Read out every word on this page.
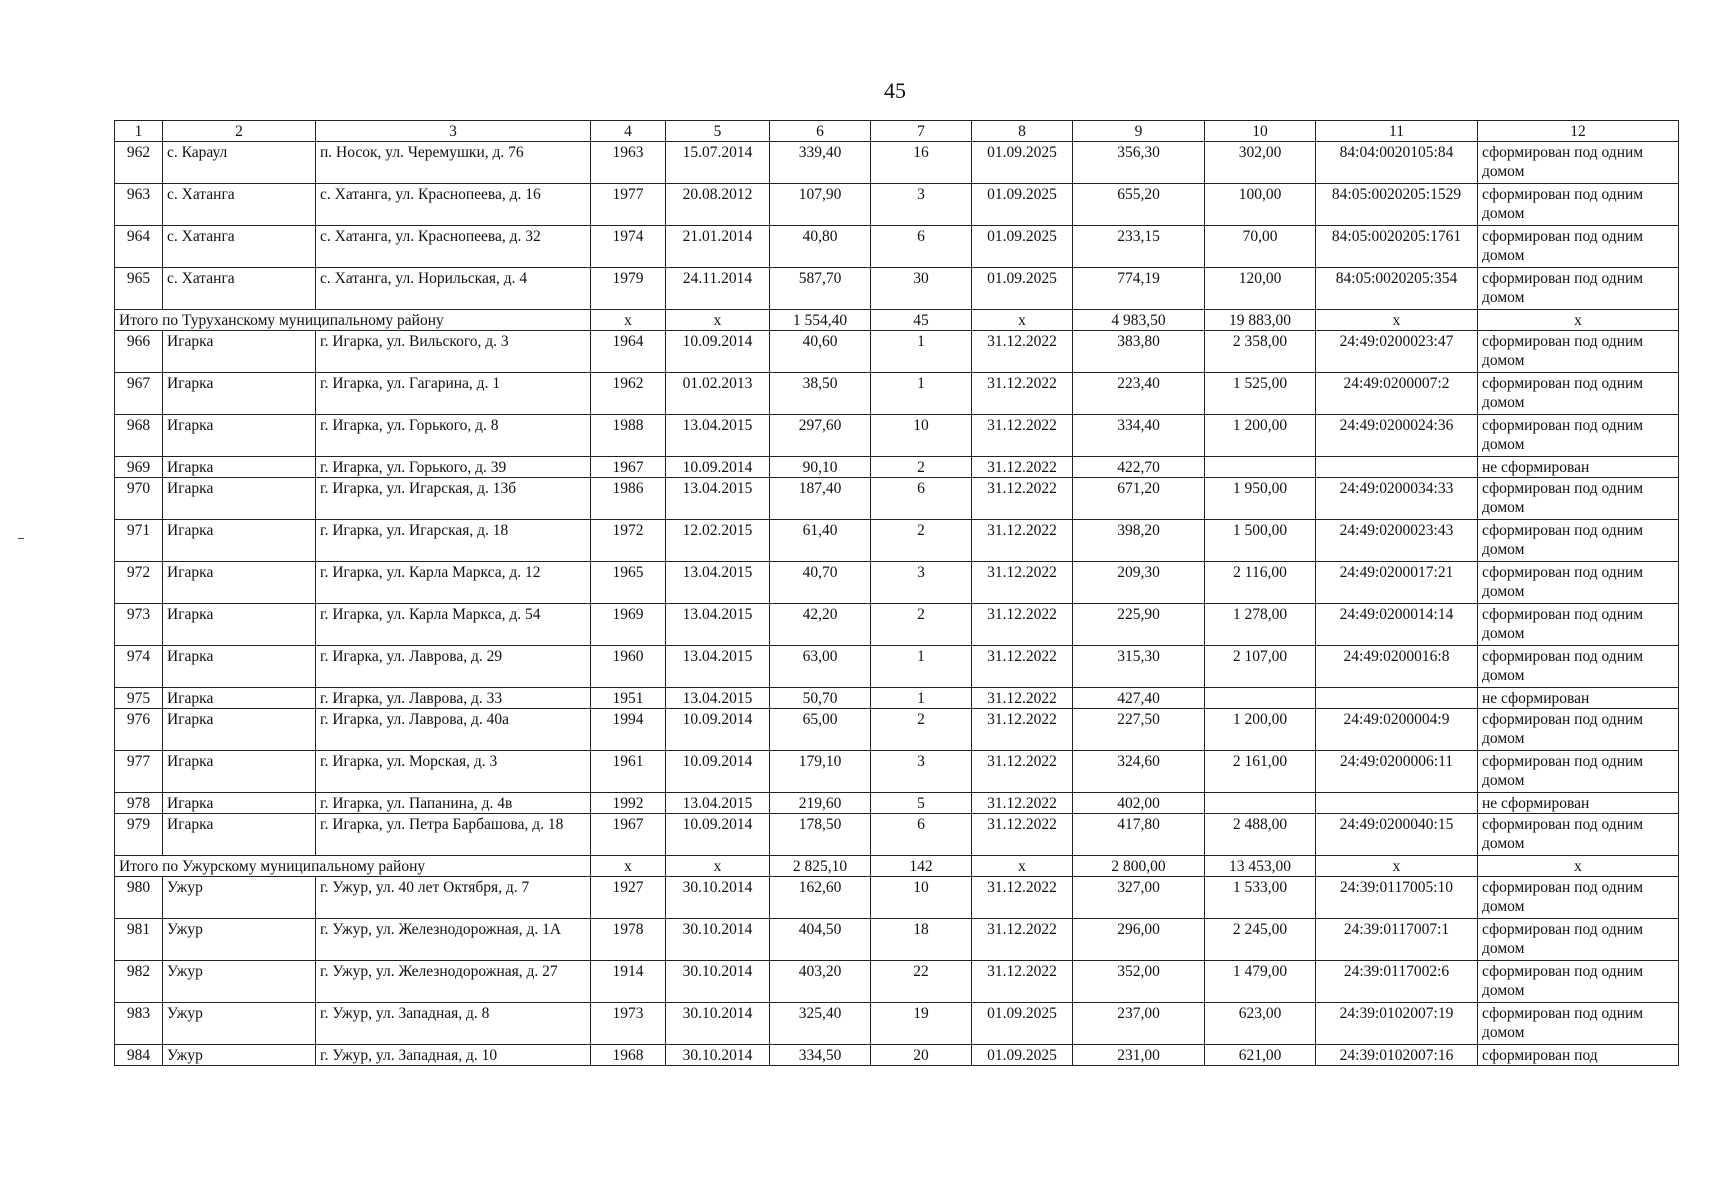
45
1	2	3	4	5	6	7	8	9	10	11	12
962	с. Караул	п. Носок, ул. Черемушки, д. 76	1963	15.07.2014	339,40	16	01.09.2025	356,30	302,00	84:04:0020105:84	сформирован под одним домом
963	с. Хатанга	с. Хатанга, ул. Краснопеева, д. 16	1977	20.08.2012	107,90	3	01.09.2025	655,20	100,00	84:05:0020205:1529	сформирован под одним домом
964	с. Хатанга	с. Хатанга, ул. Краснопеева, д. 32	1974	21.01.2014	40,80	6	01.09.2025	233,15	70,00	84:05:0020205:1761	сформирован под одним домом
965	с. Хатанга	с. Хатанга, ул. Норильская, д. 4	1979	24.11.2014	587,70	30	01.09.2025	774,19	120,00	84:05:0020205:354	сформирован под одним домом
Итого по Туруханскому муниципальному району			х	х	1 554,40	45	х	4 983,50	19 883,00	х	х
966	Игарка	г. Игарка, ул. Вильского, д. 3	1964	10.09.2014	40,60	1	31.12.2022	383,80	2 358,00	24:49:0200023:47	сформирован под одним домом
967	Игарка	г. Игарка, ул. Гагарина, д. 1	1962	01.02.2013	38,50	1	31.12.2022	223,40	1 525,00	24:49:0200007:2	сформирован под одним домом
968	Игарка	г. Игарка, ул. Горького, д. 8	1988	13.04.2015	297,60	10	31.12.2022	334,40	1 200,00	24:49:0200024:36	сформирован под одним домом
969	Игарка	г. Игарка, ул. Горького, д. 39	1967	10.09.2014	90,10	2	31.12.2022	422,70			не сформирован
970	Игарка	г. Игарка, ул. Игарская, д. 13б	1986	13.04.2015	187,40	6	31.12.2022	671,20	1 950,00	24:49:0200034:33	сформирован под одним домом
971	Игарка	г. Игарка, ул. Игарская, д. 18	1972	12.02.2015	61,40	2	31.12.2022	398,20	1 500,00	24:49:0200023:43	сформирован под одним домом
972	Игарка	г. Игарка, ул. Карла Маркса, д. 12	1965	13.04.2015	40,70	3	31.12.2022	209,30	2 116,00	24:49:0200017:21	сформирован под одним домом
973	Игарка	г. Игарка, ул. Карла Маркса, д. 54	1969	13.04.2015	42,20	2	31.12.2022	225,90	1 278,00	24:49:0200014:14	сформирован под одним домом
974	Игарка	г. Игарка, ул. Лаврова, д. 29	1960	13.04.2015	63,00	1	31.12.2022	315,30	2 107,00	24:49:0200016:8	сформирован под одним домом
975	Игарка	г. Игарка, ул. Лаврова, д. 33	1951	13.04.2015	50,70	1	31.12.2022	427,40			не сформирован
976	Игарка	г. Игарка, ул. Лаврова, д. 40а	1994	10.09.2014	65,00	2	31.12.2022	227,50	1 200,00	24:49:0200004:9	сформирован под одним домом
977	Игарка	г. Игарка, ул. Морская, д. 3	1961	10.09.2014	179,10	3	31.12.2022	324,60	2 161,00	24:49:0200006:11	сформирован под одним домом
978	Игарка	г. Игарка, ул. Папанина, д. 4в	1992	13.04.2015	219,60	5	31.12.2022	402,00			не сформирован
979	Игарка	г. Игарка, ул. Петра Барбашова, д. 18	1967	10.09.2014	178,50	6	31.12.2022	417,80	2 488,00	24:49:0200040:15	сформирован под одним домом
Итого по Ужурскому муниципальному району			х	х	2 825,10	142	х	2 800,00	13 453,00	х	х
980	Ужур	г. Ужур, ул. 40 лет Октября, д. 7	1927	30.10.2014	162,60	10	31.12.2022	327,00	1 533,00	24:39:0117005:10	сформирован под одним домом
981	Ужур	г. Ужур, ул. Железнодорожная, д. 1А	1978	30.10.2014	404,50	18	31.12.2022	296,00	2 245,00	24:39:0117007:1	сформирован под одним домом
982	Ужур	г. Ужур, ул. Железнодорожная, д. 27	1914	30.10.2014	403,20	22	31.12.2022	352,00	1 479,00	24:39:0117002:6	сформирован под одним домом
983	Ужур	г. Ужур, ул. Западная, д. 8	1973	30.10.2014	325,40	19	01.09.2025	237,00	623,00	24:39:0102007:19	сформирован под одним домом
984	Ужур	г. Ужур, ул. Западная, д. 10	1968	30.10.2014	334,50	20	01.09.2025	231,00	621,00	24:39:0102007:16	сформирован под
